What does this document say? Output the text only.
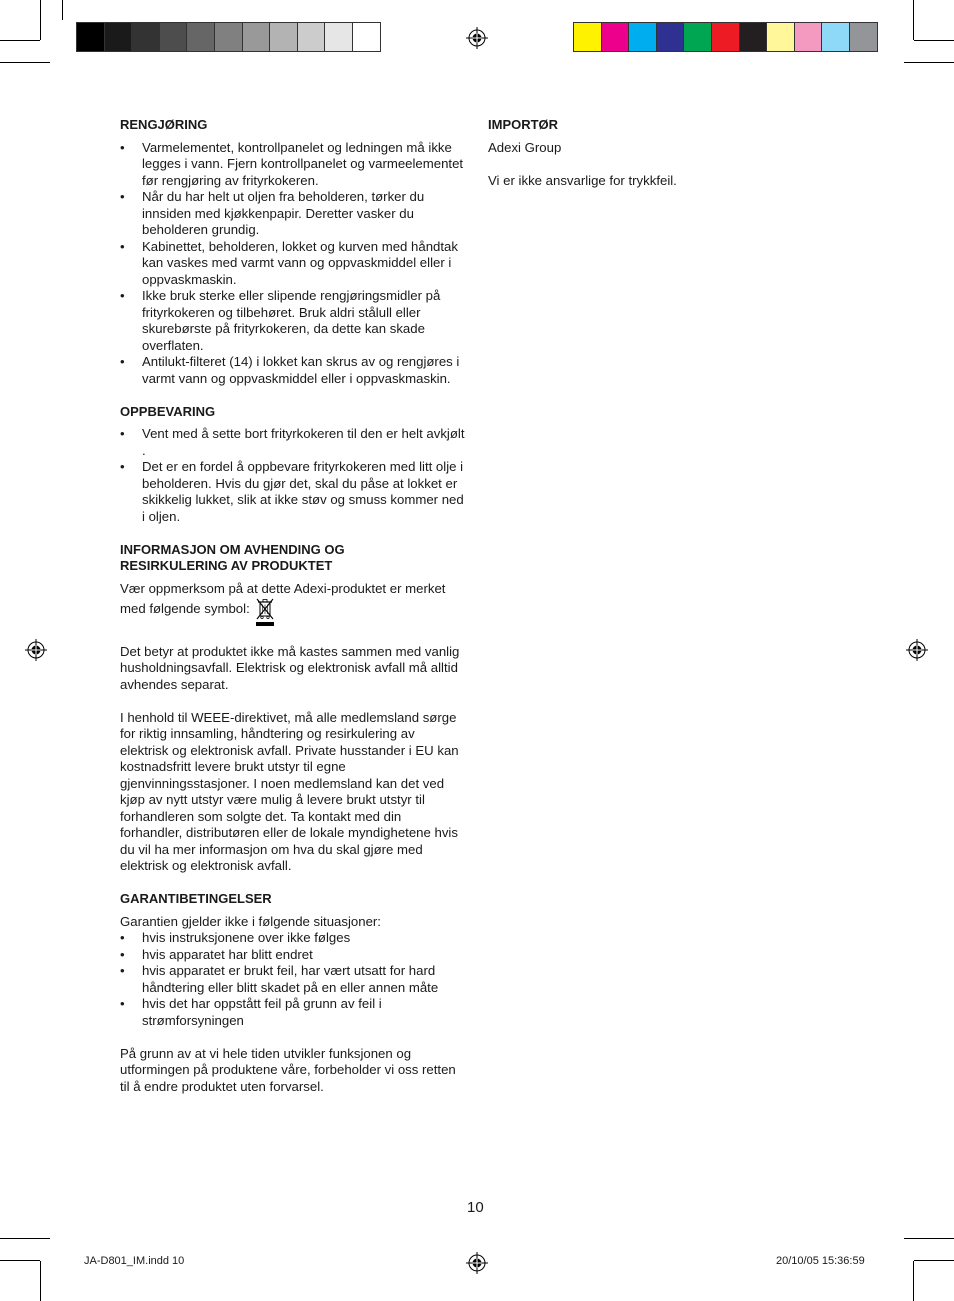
RENGJØRING
• Varmelementet, kontrollpanelet og ledningen må ikke legges i vann. Fjern kontrollpanelet og varmeelementet før rengjøring av frityrkokeren.
• Når du har helt ut oljen fra beholderen, tørker du innsiden med kjøkkenpapir. Deretter vasker du beholderen grundig.
• Kabinettet, beholderen, lokket og kurven med håndtak kan vaskes med varmt vann og oppvaskmiddel eller i oppvaskmaskin.
• Ikke bruk sterke eller slipende rengjøringsmidler på frityrkokeren og tilbehøret. Bruk aldri stålull eller skurebørste på frityrkokeren, da dette kan skade overflaten.
• Antilukt-filteret (14) i lokket kan skrus av og rengjøres i varmt vann og oppvaskmiddel eller i oppvaskmaskin.
OPPBEVARING
• Vent med å sette bort frityrkokeren til den er helt avkjølt .
• Det er en fordel å oppbevare frityrkokeren med litt olje i beholderen. Hvis du gjør det, skal du påse at lokket er skikkelig lukket, slik at ikke støv og smuss kommer ned i oljen.
INFORMASJON OM AVHENDING OG
RESIRKULERING AV PRODUKTET

Vær oppmerksom på at dette Adexi-produktet er merket med følgende symbol:

Det betyr at produktet ikke må kastes sammen med vanlig husholdningsavfall. Elektrisk og elektronisk avfall må alltid avhendes separat.

I henhold til WEEE-direktivet, må alle medlemsland sørge for riktig innsamling, håndtering og resirkulering av elektrisk og elektronisk avfall. Private husstander i EU kan kostnadsfritt levere brukt utstyr til egne gjenvinningsstasjoner. I noen medlemsland kan det ved kjøp av nytt utstyr være mulig å levere brukt utstyr til forhandleren som solgte det. Ta kontakt med din forhandler, distributøren eller de lokale myndighetene hvis du vil ha mer informasjon om hva du skal gjøre med elektrisk og elektronisk avfall.

GARANTIBETINGELSER

Garantien gjelder ikke i følgende situasjoner:

• hvis instruksjonene over ikke følges
• hvis apparatet har blitt endret
• hvis apparatet er brukt feil, har vært utsatt for hard håndtering eller blitt skadet på en eller annen måte
• hvis det har oppstått feil på grunn av feil i strømforsyningen

På grunn av at vi hele tiden utvikler funksjonen og utformingen på produktene våre, forbeholder vi oss retten til å endre produktet uten forvarsel.

IMPORTØR

Adexi Group

Vi er ikke ansvarlige for trykkfeil.

10
JA-D801_IM.indd 10	20/10/05 15:36:59
